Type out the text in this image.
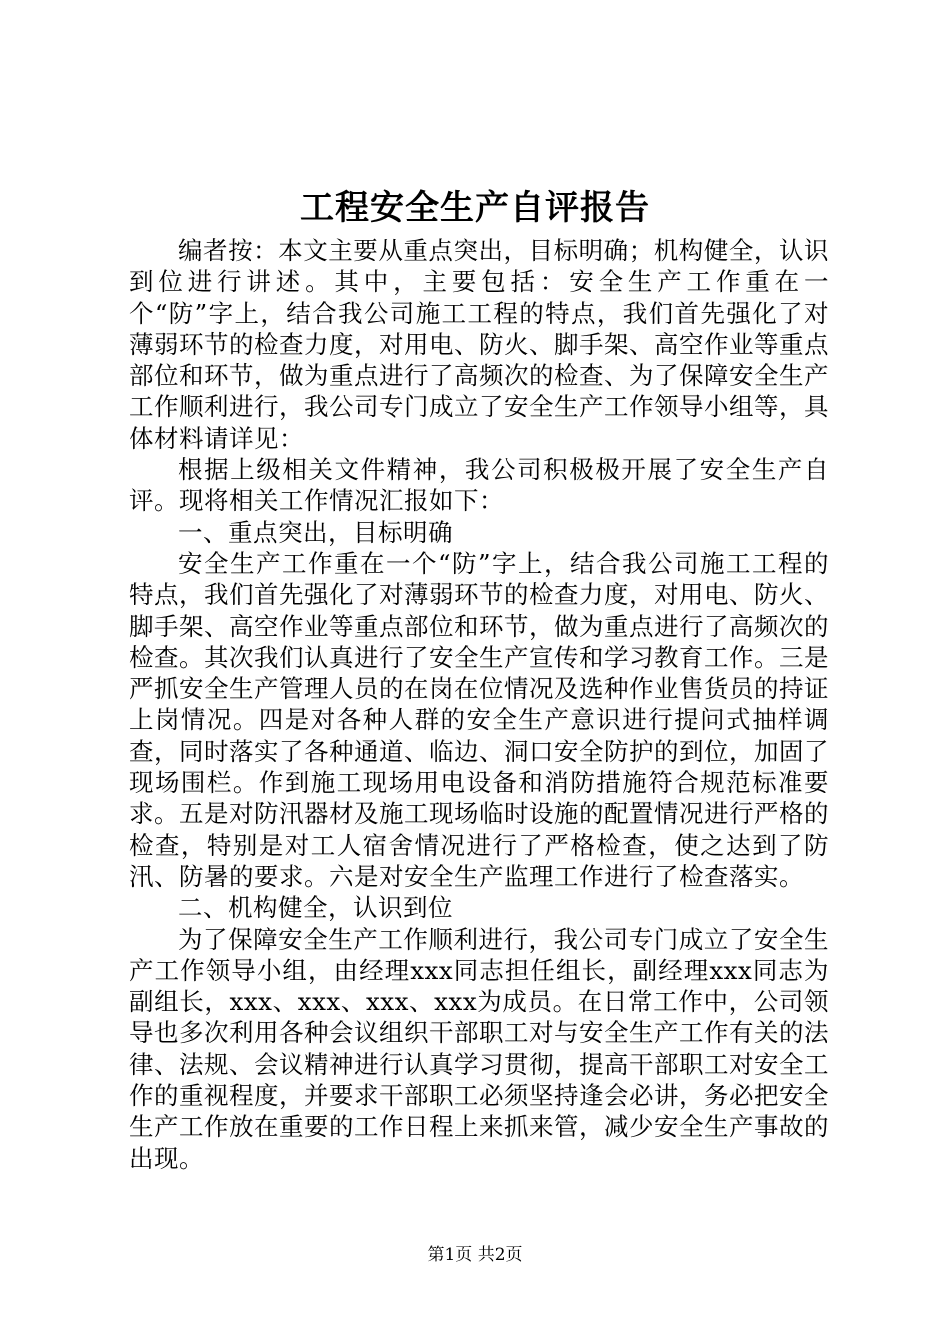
工程安全生产自评报告

编者按：本文主要从重点突出，目标明确；机构健全，认识到位进行讲述。其中，主要包括：安全生产工作重在一个“防”字上，结合我公司施工工程的特点，我们首先强化了对薄弱环节的检查力度，对用电、防火、脚手架、高空作业等重点部位和环节，做为重点进行了高频次的检查、为了保障安全生产工作顺利进行，我公司专门成立了安全生产工作领导小组等，具体材料请详见：

根据上级相关文件精神，我公司积极极开展了安全生产自评。现将相关工作情况汇报如下：

一、重点突出，目标明确

安全生产工作重在一个“防”字上，结合我公司施工工程的特点，我们首先强化了对薄弱环节的检查力度，对用电、防火、脚手架、高空作业等重点部位和环节，做为重点进行了高频次的检查。其次我们认真进行了安全生产宣传和学习教育工作。三是严抓安全生产管理人员的在岗在位情况及选种作业售货员的持证上岗情况。四是对各种人群的安全生产意识进行提问式抽样调查，同时落实了各种通道、临边、洞口安全防护的到位，加固了现场围栏。作到施工现场用电设备和消防措施符合规范标准要求。五是对防汛器材及施工现场临时设施的配置情况进行严格的检查，特别是对工人宿舍情况进行了严格检查，使之达到了防汛、防暑的要求。六是对安全生产监理工作进行了检查落实。

二、机构健全，认识到位

为了保障安全生产工作顺利进行，我公司专门成立了安全生产工作领导小组，由经理xxx同志担任组长，副经理xxx同志为副组长，xxx、xxx、xxx、xxx为成员。在日常工作中，公司领导也多次利用各种会议组织干部职工对与安全生产工作有关的法律、法规、会议精神进行认真学习贯彻，提高干部职工对安全工作的重视程度，并要求干部职工必须坚持逢会必讲，务必把安全生产工作放在重要的工作日程上来抓来管，减少安全生产事故的出现。

第1页 共2页
